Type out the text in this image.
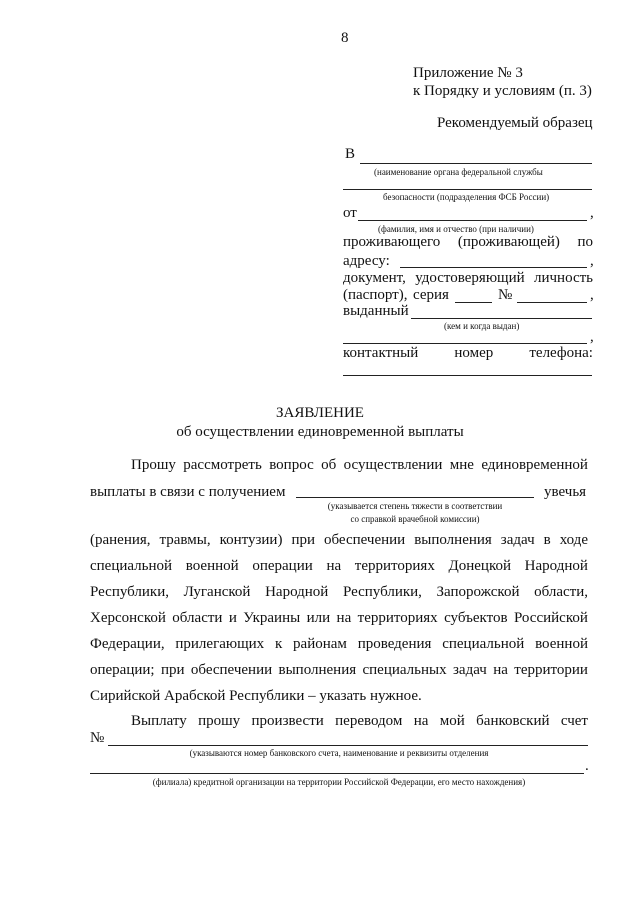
8
Приложение № 3
к Порядку и условиям (п. 3)
Рекомендуемый образец
В
(наименование органа федеральной службы
безопасности (подразделения ФСБ России)
от	,
(фамилия, имя и отчество (при наличии)
проживающего (проживающей) по
адресу:	,
документ, удостоверяющий личность
(паспорт), серия	№	,
выданный
(кем и когда выдан)
,
контактный номер телефона:
ЗАЯВЛЕНИЕ
об осуществлении единовременной выплаты
Прошу рассмотреть вопрос об осуществлении мне единовременной
выплаты в связи с получением	увечья
(указывается степень тяжести в соответствии
со справкой врачебной комиссии)
(ранения, травмы, контузии) при обеспечении выполнения задач в ходе
специальной военной операции на территориях Донецкой Народной
Республики, Луганской Народной Республики, Запорожской области,
Херсонской области и Украины или на территориях субъектов Российской
Федерации, прилегающих к районам проведения специальной военной
операции; при обеспечении выполнения специальных задач на территории
Сирийской Арабской Республики – указать нужное.
Выплату прошу произвести переводом на мой банковский счет
№
(указываются номер банковского счета, наименование и реквизиты отделения
.
(филиала) кредитной организации на территории Российской Федерации, его место нахождения)
